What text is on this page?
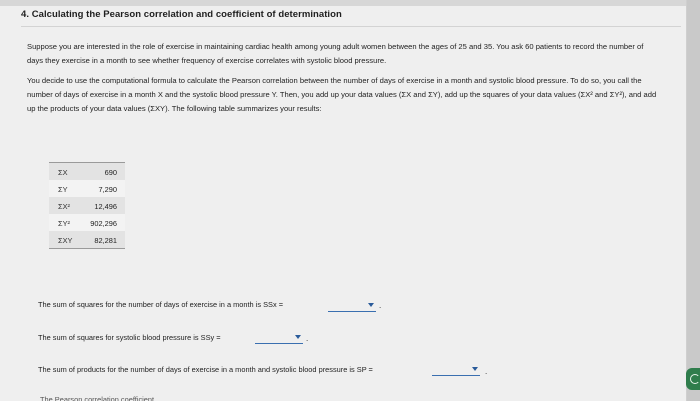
4. Calculating the Pearson correlation and coefficient of determination
Suppose you are interested in the role of exercise in maintaining cardiac health among young adult women between the ages of 25 and 35. You ask 60 patients to record the number of days they exercise in a month to see whether frequency of exercise correlates with systolic blood pressure.
You decide to use the computational formula to calculate the Pearson correlation between the number of days of exercise in a month and systolic blood pressure. To do so, you call the number of days of exercise in a month X and the systolic blood pressure Y. Then, you add up your data values (ΣX and ΣY), add up the squares of your data values (ΣX² and ΣY²), and add up the products of your data values (ΣXY). The following table summarizes your results:
ΣX	690
ΣY	7,290
ΣX²	12,496
ΣY²	902,296
ΣXY	82,281
The sum of squares for the number of days of exercise in a month is SSx =	.
The sum of squares for systolic blood pressure is SSy =	.
The sum of products for the number of days of exercise in a month and systolic blood pressure is SP =	.
The Pearson correlation coefficient
